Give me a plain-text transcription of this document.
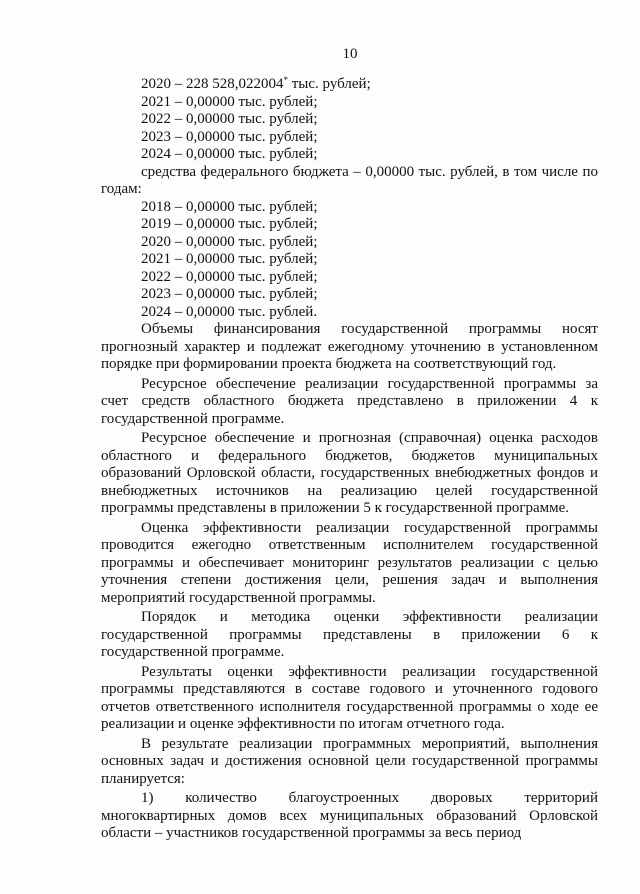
10
2020 – 228 528,022004* тыс. рублей;
2021 – 0,00000 тыс. рублей;
2022 – 0,00000 тыс. рублей;
2023 – 0,00000 тыс. рублей;
2024 – 0,00000 тыс. рублей;

средства федерального бюджета – 0,00000 тыс. рублей, в том числе по годам:

2018 – 0,00000 тыс. рублей;
2019 – 0,00000 тыс. рублей;
2020 – 0,00000 тыс. рублей;
2021 – 0,00000 тыс. рублей;
2022 – 0,00000 тыс. рублей;
2023 – 0,00000 тыс. рублей;
2024 – 0,00000 тыс. рублей.

Объемы финансирования государственной программы носят прогнозный характер и подлежат ежегодному уточнению в установленном порядке при формировании проекта бюджета на соответствующий год.

Ресурсное обеспечение реализации государственной программы за счет средств областного бюджета представлено в приложении 4 к государственной программе.

Ресурсное обеспечение и прогнозная (справочная) оценка расходов областного и федерального бюджетов, бюджетов муниципальных образований Орловской области, государственных внебюджетных фондов и внебюджетных источников на реализацию целей государственной программы представлены в приложении 5 к государственной программе.

Оценка эффективности реализации государственной программы проводится ежегодно ответственным исполнителем государственной программы и обеспечивает мониторинг результатов реализации с целью уточнения степени достижения цели, решения задач и выполнения мероприятий государственной программы.

Порядок и методика оценки эффективности реализации государственной программы представлены в приложении 6 к государственной программе.

Результаты оценки эффективности реализации государственной программы представляются в составе годового и уточненного годового отчетов ответственного исполнителя государственной программы о ходе ее реализации и оценке эффективности по итогам отчетного года.

В результате реализации программных мероприятий, выполнения основных задач и достижения основной цели государственной программы планируется:

1) количество благоустроенных дворовых территорий многоквартирных домов всех муниципальных образований Орловской области – участников государственной программы за весь период
